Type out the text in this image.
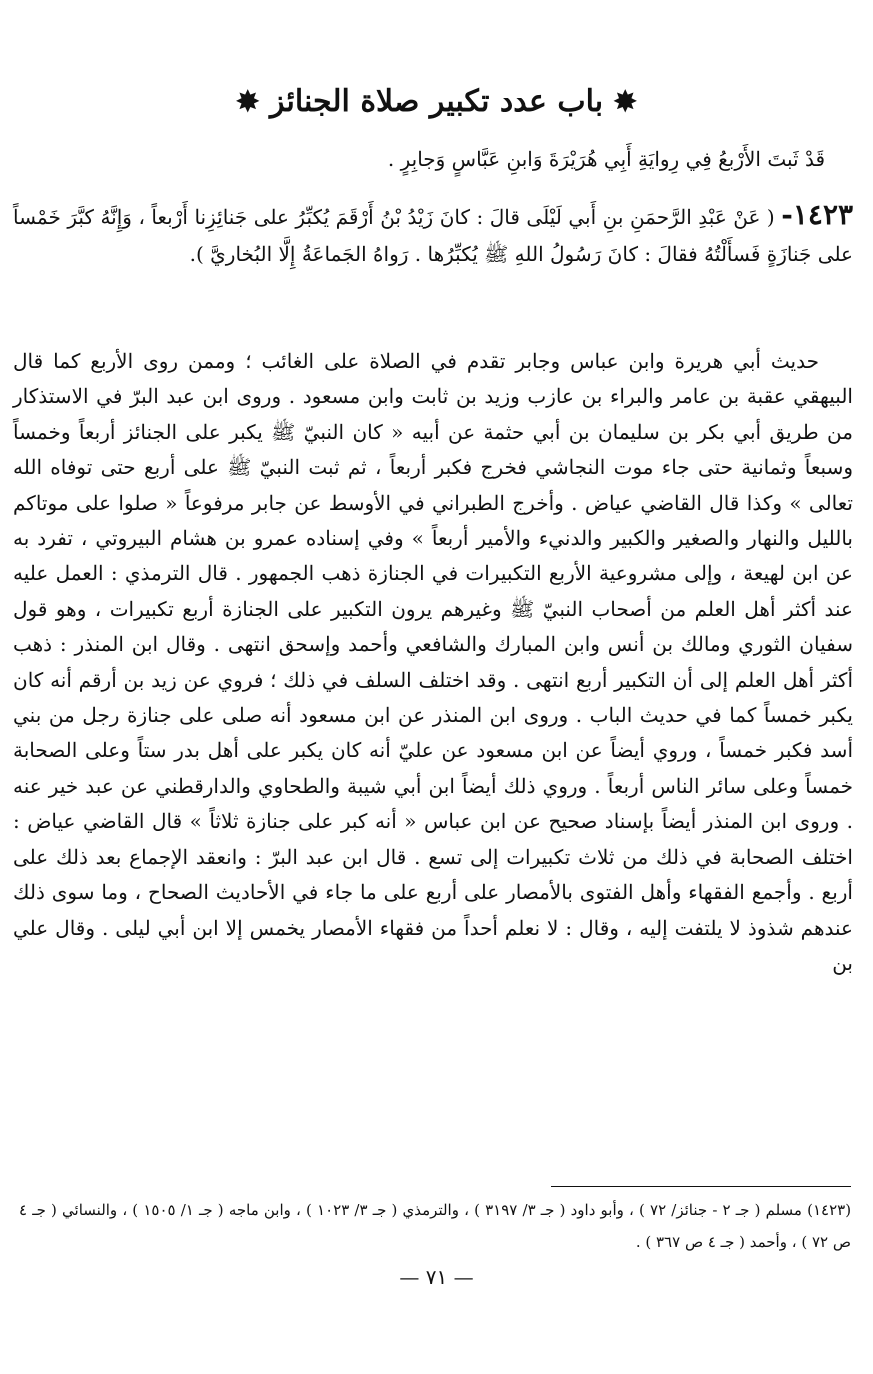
✸ باب عدد تكبير صلاة الجنائز ✸
قَدْ ثَبتَ الأَرْبعُ فِي رِوايَةِ أَبِي هُرَيْرَةَ وَابنِ عَبَّاسٍ وَجابِرٍ .
١٤٢٣- ( عَنْ عَبْدِ الرَّحمَنِ بنِ أَبي لَيْلَى قالَ : كانَ زَيْدُ بْنُ أَرْقَمَ يُكبِّرُ على جَنائِزِنا أَرْبعاً ، وَإِنَّهُ كبَّرَ خَمْساً على جَنازَةٍ فَسأَلْتُهُ فقالَ : كانَ رَسُولُ اللهِ ﷺ يُكبِّرُها . رَواهُ الجَماعَةُ إِلَّا البُخاريَّ ).

حديث أبي هريرة وابن عباس وجابر تقدم في الصلاة على الغائب ؛ وممن روى الأربع كما قال البيهقي عقبة بن عامر والبراء بن عازب وزيد بن ثابت وابن مسعود . وروى ابن عبد البرّ في الاستذكار من طريق أبي بكر بن سليمان بن أبي حثمة عن أبيه « كان النبيّ ﷺ يكبر على الجنائز أربعاً وخمساً وسبعاً وثمانية حتى جاء موت النجاشي فخرج فكبر أربعاً ، ثم ثبت النبيّ ﷺ على أربع حتى توفاه الله تعالى » وكذا قال القاضي عياض . وأخرج الطبراني في الأوسط عن جابر مرفوعاً « صلوا على موتاكم بالليل والنهار والصغير والكبير والدنيء والأمير أربعاً » وفي إسناده عمرو بن هشام البيروتي ، تفرد به عن ابن لهيعة ، وإلى مشروعية الأربع التكبيرات في الجنازة ذهب الجمهور . قال الترمذي : العمل عليه عند أكثر أهل العلم من أصحاب النبيّ ﷺ وغيرهم يرون التكبير على الجنازة أربع تكبيرات ، وهو قول سفيان الثوري ومالك بن أنس وابن المبارك والشافعي وأحمد وإسحق انتهى . وقال ابن المنذر : ذهب أكثر أهل العلم إلى أن التكبير أربع انتهى . وقد اختلف السلف في ذلك ؛ فروي عن زيد بن أرقم أنه كان يكبر خمساً كما في حديث الباب . وروى ابن المنذر عن ابن مسعود أنه صلى على جنازة رجل من بني أسد فكبر خمساً ، وروي أيضاً عن ابن مسعود عن عليّ أنه كان يكبر على أهل بدر ستاً وعلى الصحابة خمساً وعلى سائر الناس أربعاً . وروي ذلك أيضاً ابن أبي شيبة والطحاوي والدارقطني عن عبد خير عنه . وروى ابن المنذر أيضاً بإسناد صحيح عن ابن عباس « أنه كبر على جنازة ثلاثاً » قال القاضي عياض : اختلف الصحابة في ذلك من ثلاث تكبيرات إلى تسع . قال ابن عبد البرّ : وانعقد الإجماع بعد ذلك على أربع . وأجمع الفقهاء وأهل الفتوى بالأمصار على أربع على ما جاء في الأحاديث الصحاح ، وما سوى ذلك عندهم شذوذ لا يلتفت إليه ، وقال : لا نعلم أحداً من فقهاء الأمصار يخمس إلا ابن أبي ليلى . وقال علي بن

(١٤٢٣) مسلم ( جـ ٢ - جنائز/ ٧٢ ) ، وأبو داود ( جـ ٣/ ٣١٩٧ ) ، والترمذي ( جـ ٣/ ١٠٢٣ ) ، وابن ماجه ( جـ ١/ ١٥٠٥ ) ، والنسائي ( جـ ٤ ص ٧٢ ) ، وأحمد ( جـ ٤ ص ٣٦٧ ) .

— ٧١ —
